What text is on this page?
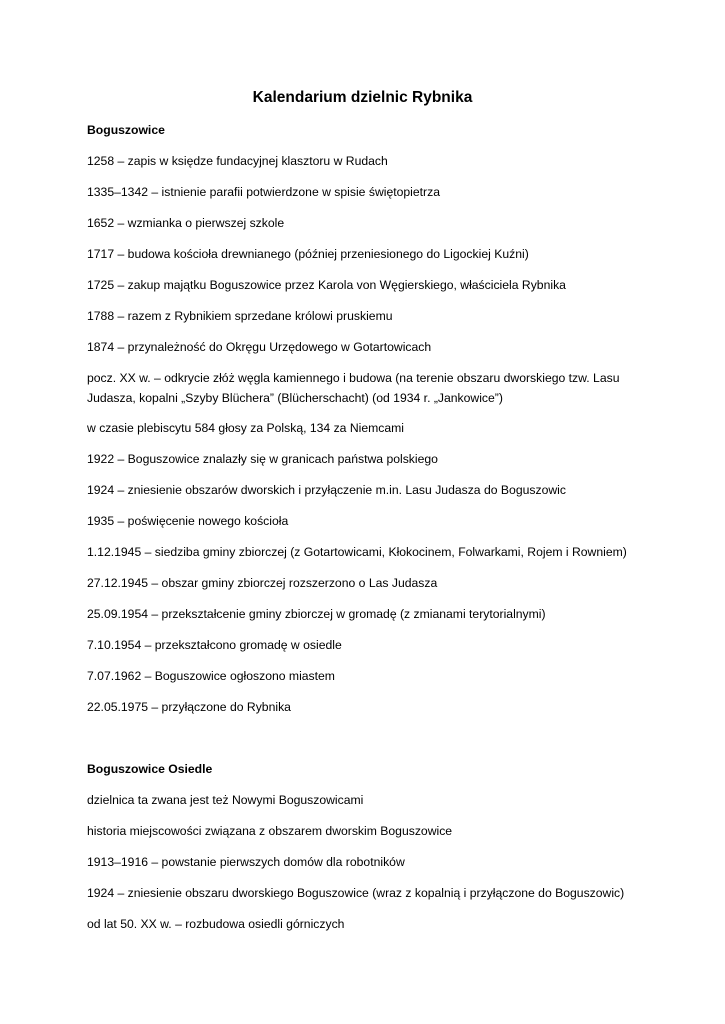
Kalendarium dzielnic Rybnika

Boguszowice

1258 – zapis w księdze fundacyjnej klasztoru w Rudach

1335–1342 – istnienie parafii potwierdzone w spisie świętopietrza

1652 – wzmianka o pierwszej szkole

1717 – budowa kościoła drewnianego (później przeniesionego do Ligockiej Kuźni)

1725 – zakup majątku Boguszowice przez Karola von Węgierskiego, właściciela Rybnika

1788 – razem z Rybnikiem sprzedane królowi pruskiemu

1874 – przynależność do Okręgu Urzędowego w Gotartowicach

pocz. XX w. – odkrycie złóż węgla kamiennego i budowa (na terenie obszaru dworskiego tzw. Lasu Judasza, kopalni „Szyby Blüchera” (Blücherschacht) (od 1934 r. „Jankowice”)

w czasie plebiscytu 584 głosy za Polską, 134 za Niemcami

1922 – Boguszowice znalazły się w granicach państwa polskiego

1924 – zniesienie obszarów dworskich i przyłączenie m.in. Lasu Judasza do Boguszowic

1935 – poświęcenie nowego kościoła

1.12.1945 – siedziba gminy zbiorczej (z Gotartowicami, Kłokocinem, Folwarkami, Rojem i Rowniem)

27.12.1945 – obszar gminy zbiorczej rozszerzono o Las Judasza

25.09.1954 – przekształcenie gminy zbiorczej w gromadę (z zmianami terytorialnymi)

7.10.1954 – przekształcono gromadę w osiedle

7.07.1962 – Boguszowice ogłoszono miastem

22.05.1975 – przyłączone do Rybnika

Boguszowice Osiedle

dzielnica ta zwana jest też Nowymi Boguszowicami

historia miejscowości związana z obszarem dworskim Boguszowice

1913–1916 – powstanie pierwszych domów dla robotników

1924 – zniesienie obszaru dworskiego Boguszowice (wraz z kopalnią i przyłączone do Boguszowic)

od lat 50. XX w. – rozbudowa osiedli górniczych
